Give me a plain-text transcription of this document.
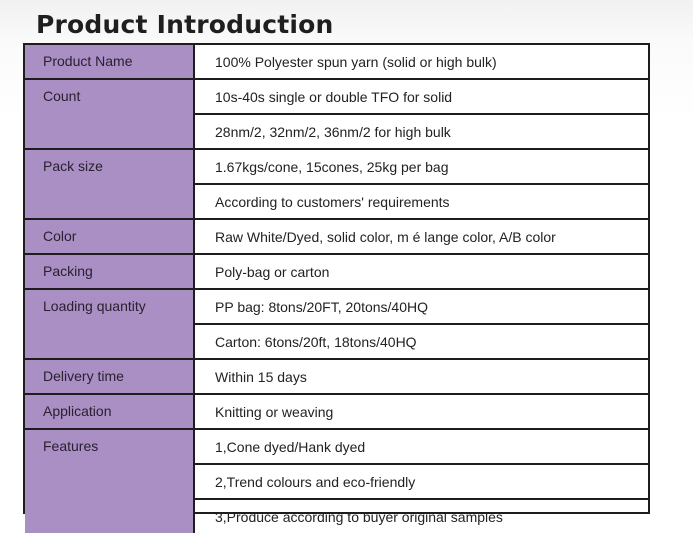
Product Introduction
Product Name	100% Polyester spun yarn (solid or high bulk)
Count	10s-40s single or double TFO for solid
28nm/2, 32nm/2, 36nm/2 for high bulk
Pack size	1.67kgs/cone, 15cones, 25kg per bag
According to customers' requirements
Color	Raw White/Dyed, solid color, m é lange color, A/B color
Packing	Poly-bag or carton
Loading quantity	PP bag: 8tons/20FT, 20tons/40HQ
Carton: 6tons/20ft, 18tons/40HQ
Delivery time	Within 15 days
Application	Knitting or weaving
Features	1,Cone dyed/Hank dyed
2,Trend colours and eco-friendly
3,Produce according to buyer original samples
